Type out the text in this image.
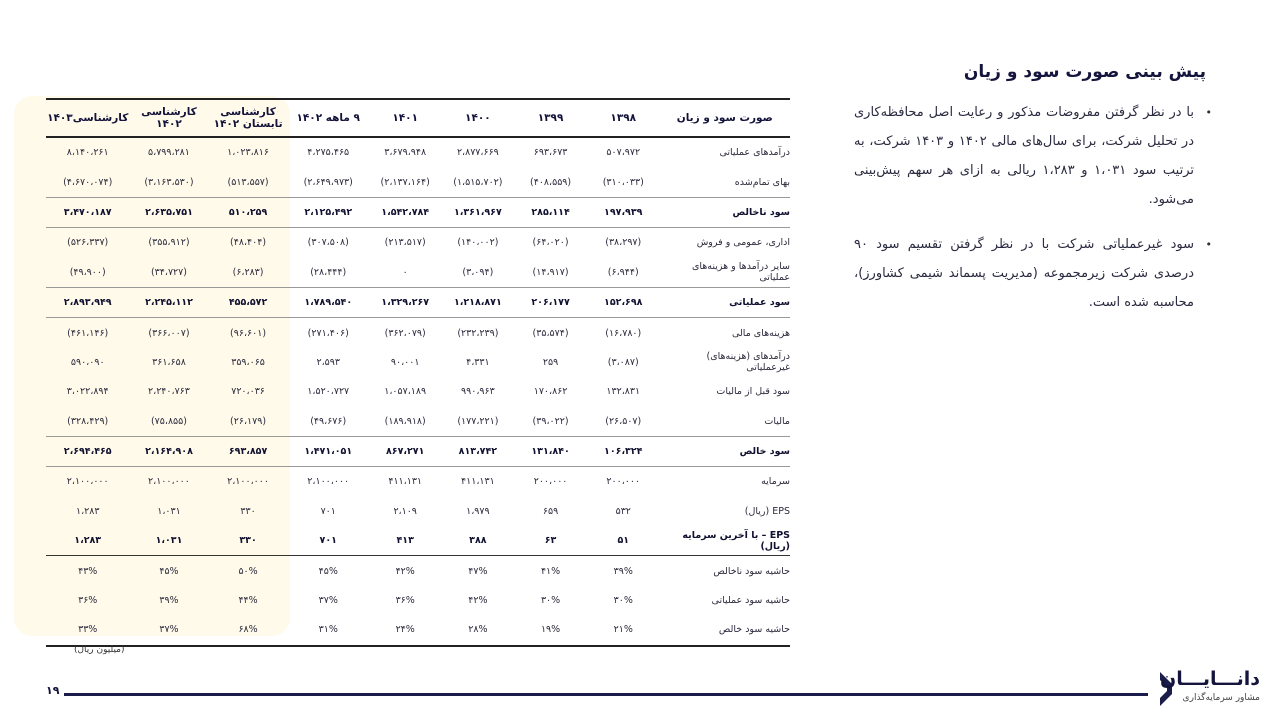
پیش بینی صورت سود و زیان
•
با در نظر گرفتن مفروضات مذکور و رعایت اصل محافظه‌کاری در تحلیل شرکت، برای سال‌های مالی ۱۴۰۲ و ۱۴۰۳ شرکت، به ترتیب سود ۱،۰۳۱ و ۱،۲۸۳ ریالی به ازای هر سهم پیش‌بینی می‌شود.
•
سود غیرعملیاتی شرکت با در نظر گرفتن تقسیم سود ۹۰ درصدی شرکت زیرمجموعه (مدیریت پسماند شیمی کشاورز)، محاسبه شده است.
صورت سود و زیان	۱۳۹۸	۱۳۹۹	۱۴۰۰	۱۴۰۱	۹ ماهه ۱۴۰۲	کارشناسی تابستان ۱۴۰۲	کارشناسی ۱۴۰۲	کارشناسی۱۴۰۳
درآمدهای عملیاتی	۵۰۷،۹۷۲	۶۹۳،۶۷۳	۲،۸۷۷،۶۶۹	۳،۶۷۹،۹۴۸	۴،۲۷۵،۴۶۵	۱،۰۲۳،۸۱۶	۵،۷۹۹،۲۸۱	۸،۱۴۰،۲۶۱
بهای تمام‌شده	(۳۱۰،۰۳۳)	(۴۰۸،۵۵۹)	(۱،۵۱۵،۷۰۲)	(۲،۱۳۷،۱۶۴)	(۲،۶۴۹،۹۷۳)	(۵۱۳،۵۵۷)	(۳،۱۶۳،۵۳۰)	(۴،۶۷۰،۰۷۴)
سود ناخالص	۱۹۷،۹۳۹	۲۸۵،۱۱۴	۱،۳۶۱،۹۶۷	۱،۵۴۲،۷۸۴	۲،۱۲۵،۴۹۲	۵۱۰،۲۵۹	۲،۶۳۵،۷۵۱	۳،۴۷۰،۱۸۷
اداری، عمومی و فروش	(۳۸،۲۹۷)	(۶۴،۰۲۰)	(۱۴۰،۰۰۲)	(۲۱۳،۵۱۷)	(۳۰۷،۵۰۸)	(۴۸،۴۰۴)	(۳۵۵،۹۱۲)	(۵۲۶،۳۳۷)
سایر درآمدها و هزینه‌های عملیاتی	(۶،۹۴۴)	(۱۴،۹۱۷)	(۳،۰۹۴)	۰	(۲۸،۴۴۴)	(۶،۲۸۳)	(۳۴،۷۲۷)	(۴۹،۹۰۰)
سود عملیاتی	۱۵۲،۶۹۸	۲۰۶،۱۷۷	۱،۲۱۸،۸۷۱	۱،۳۲۹،۲۶۷	۱،۷۸۹،۵۴۰	۴۵۵،۵۷۲	۲،۲۴۵،۱۱۲	۲،۸۹۳،۹۴۹
هزینه‌های مالی	(۱۶،۷۸۰)	(۳۵،۵۷۴)	(۲۳۲،۲۳۹)	(۳۶۲،۰۷۹)	(۲۷۱،۴۰۶)	(۹۶،۶۰۱)	(۳۶۶،۰۰۷)	(۴۶۱،۱۴۶)
درآمدهای (هزینه‌های) غیرعملیاتی	(۳،۰۸۷)	۲۵۹	۴،۳۳۱	۹۰،۰۰۱	۲،۵۹۳	۳۵۹،۰۶۵	۳۶۱،۶۵۸	۵۹۰،۰۹۰
سود قبل از مالیات	۱۳۲،۸۳۱	۱۷۰،۸۶۲	۹۹۰،۹۶۳	۱،۰۵۷،۱۸۹	۱،۵۲۰،۷۲۷	۷۲۰،۰۳۶	۲،۲۴۰،۷۶۳	۳،۰۲۲،۸۹۴
مالیات	(۲۶،۵۰۷)	(۳۹،۰۲۲)	(۱۷۷،۲۲۱)	(۱۸۹،۹۱۸)	(۴۹،۶۷۶)	(۲۶،۱۷۹)	(۷۵،۸۵۵)	(۳۲۸،۴۲۹)
سود خالص	۱۰۶،۳۲۴	۱۳۱،۸۴۰	۸۱۳،۷۴۲	۸۶۷،۲۷۱	۱،۴۷۱،۰۵۱	۶۹۳،۸۵۷	۲،۱۶۴،۹۰۸	۲،۶۹۴،۴۶۵
سرمایه	۲۰۰،۰۰۰	۲۰۰،۰۰۰	۴۱۱،۱۳۱	۴۱۱،۱۳۱	۲،۱۰۰،۰۰۰	۲،۱۰۰،۰۰۰	۲،۱۰۰،۰۰۰	۲،۱۰۰،۰۰۰
EPS (ریال)	۵۳۲	۶۵۹	۱،۹۷۹	۲،۱۰۹	۷۰۱	۳۳۰	۱،۰۳۱	۱،۲۸۳
EPS – با آخرین سرمایه (ریال)	۵۱	۶۳	۳۸۸	۴۱۳	۷۰۱	۳۳۰	۱،۰۳۱	۱،۲۸۳
حاشیه سود ناخالص	۳۹%	۴۱%	۴۷%	۴۲%	۴۵%	۵۰%	۴۵%	۴۳%
حاشیه سود عملیاتی	۳۰%	۳۰%	۴۲%	۳۶%	۳۷%	۴۴%	۳۹%	۳۶%
حاشیه سود خالص	۲۱%	۱۹%	۲۸%	۲۴%	۳۱%	۶۸%	۳۷%	۳۳%
(میلیون ریال)
۱۹
دانـــایـــان
مشاور سرمایه‌گذاری
